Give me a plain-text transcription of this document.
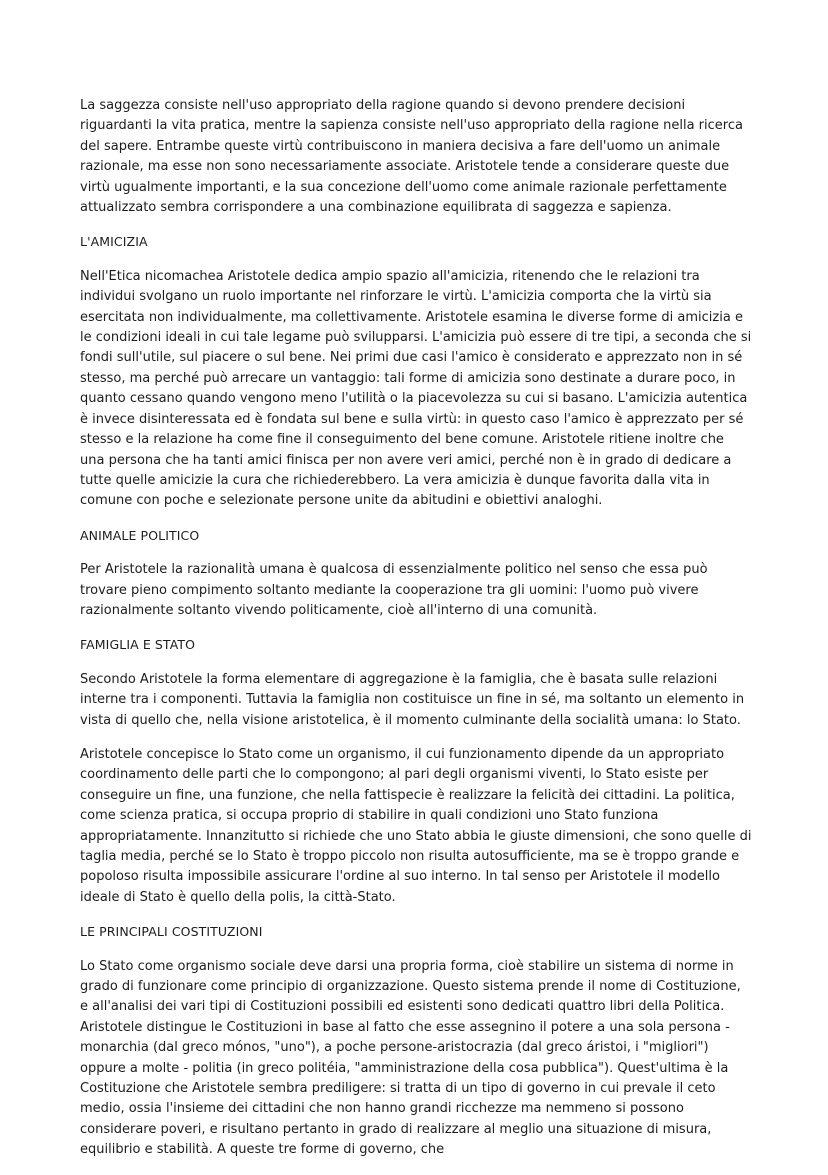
La saggezza consiste nell'uso appropriato della ragione quando si devono prendere decisioni riguardanti la vita pratica, mentre la sapienza consiste nell'uso appropriato della ragione nella ricerca del sapere. Entrambe queste virtù contribuiscono in maniera decisiva a fare dell'uomo un animale razionale, ma esse non sono necessariamente associate. Aristotele tende a considerare queste due virtù ugualmente importanti, e la sua concezione dell'uomo come animale razionale perfettamente attualizzato sembra corrispondere a una combinazione equilibrata di saggezza e sapienza.

L'AMICIZIA

Nell'Etica nicomachea Aristotele dedica ampio spazio all'amicizia, ritenendo che le relazioni tra individui svolgano un ruolo importante nel rinforzare le virtù. L'amicizia comporta che la virtù sia esercitata non individualmente, ma collettivamente. Aristotele esamina le diverse forme di amicizia e le condizioni ideali in cui tale legame può svilupparsi. L'amicizia può essere di tre tipi, a seconda che si fondi sull'utile, sul piacere o sul bene. Nei primi due casi l'amico è considerato e apprezzato non in sé stesso, ma perché può arrecare un vantaggio: tali forme di amicizia sono destinate a durare poco, in quanto cessano quando vengono meno l'utilità o la piacevolezza su cui si basano. L'amicizia autentica è invece disinteressata ed è fondata sul bene e sulla virtù: in questo caso l'amico è apprezzato per sé stesso e la relazione ha come fine il conseguimento del bene comune. Aristotele ritiene inoltre che una persona che ha tanti amici finisca per non avere veri amici, perché non è in grado di dedicare a tutte quelle amicizie la cura che richiederebbero. La vera amicizia è dunque favorita dalla vita in comune con poche e selezionate persone unite da abitudini e obiettivi analoghi.

ANIMALE POLITICO

Per Aristotele la razionalità umana è qualcosa di essenzialmente politico nel senso che essa può trovare pieno compimento soltanto mediante la cooperazione tra gli uomini: l'uomo può vivere razionalmente soltanto vivendo politicamente, cioè all'interno di una comunità.

FAMIGLIA E STATO

Secondo Aristotele la forma elementare di aggregazione è la famiglia, che è basata sulle relazioni interne tra i componenti. Tuttavia la famiglia non costituisce un fine in sé, ma soltanto un elemento in vista di quello che, nella visione aristotelica, è il momento culminante della socialità umana: lo Stato.

Aristotele concepisce lo Stato come un organismo, il cui funzionamento dipende da un appropriato coordinamento delle parti che lo compongono; al pari degli organismi viventi, lo Stato esiste per conseguire un fine, una funzione, che nella fattispecie è realizzare la felicità dei cittadini. La politica, come scienza pratica, si occupa proprio di stabilire in quali condizioni uno Stato funziona appropriatamente. Innanzitutto si richiede che uno Stato abbia le giuste dimensioni, che sono quelle di taglia media, perché se lo Stato è troppo piccolo non risulta autosufficiente, ma se è troppo grande e popoloso risulta impossibile assicurare l'ordine al suo interno. In tal senso per Aristotele il modello ideale di Stato è quello della polis, la città-Stato.

LE PRINCIPALI COSTITUZIONI

Lo Stato come organismo sociale deve darsi una propria forma, cioè stabilire un sistema di norme in grado di funzionare come principio di organizzazione. Questo sistema prende il nome di Costituzione, e all'analisi dei vari tipi di Costituzioni possibili ed esistenti sono dedicati quattro libri della Politica. Aristotele distingue le Costituzioni in base al fatto che esse assegnino il potere a una sola persona - monarchia (dal greco mónos, "uno"), a poche persone-aristocrazia (dal greco áristoi, i "migliori") oppure a molte - politia (in greco politéia, "amministrazione della cosa pubblica"). Quest'ultima è la Costituzione che Aristotele sembra prediligere: si tratta di un tipo di governo in cui prevale il ceto medio, ossia l'insieme dei cittadini che non hanno grandi ricchezze ma nemmeno si possono considerare poveri, e risultano pertanto in grado di realizzare al meglio una situazione di misura, equilibrio e stabilità. A queste tre forme di governo, che
